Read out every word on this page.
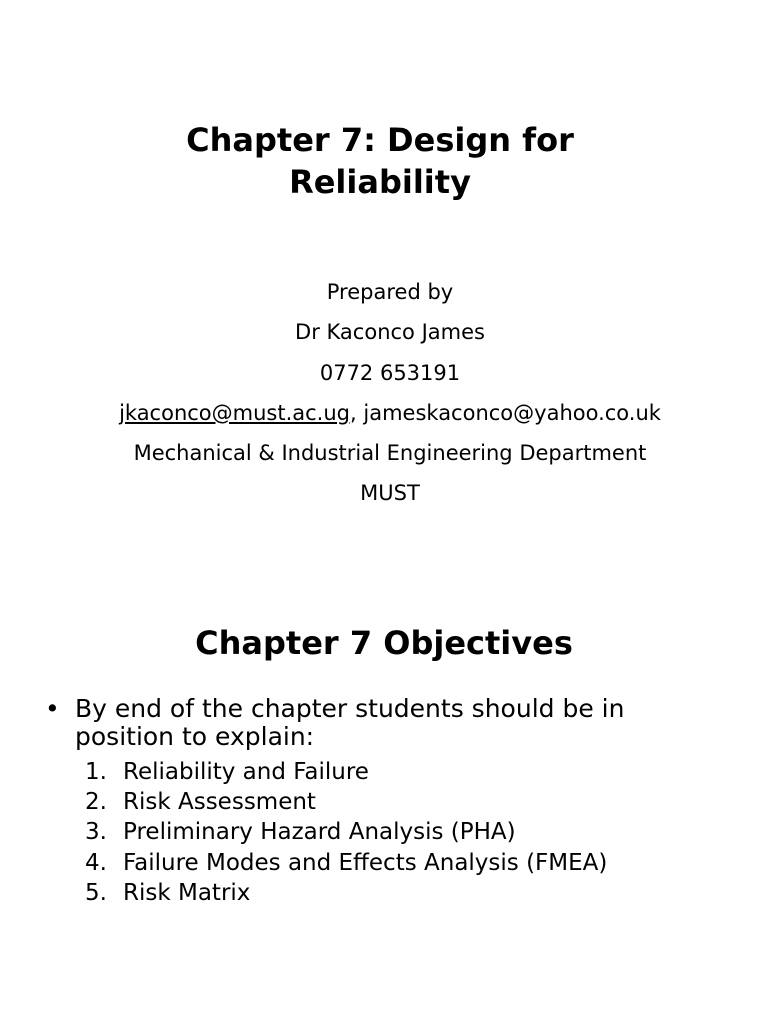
Chapter 7: Design for
Reliability
Prepared by
Dr Kaconco James
0772 653191
jkaconco@must.ac.ug, jameskaconco@yahoo.co.uk
Mechanical & Industrial Engineering Department
MUST
Chapter 7 Objectives
• By end of the chapter students should be in position to explain:
1. Reliability and Failure
2. Risk Assessment
3. Preliminary Hazard Analysis (PHA)
4. Failure Modes and Effects Analysis (FMEA)
5. Risk Matrix
